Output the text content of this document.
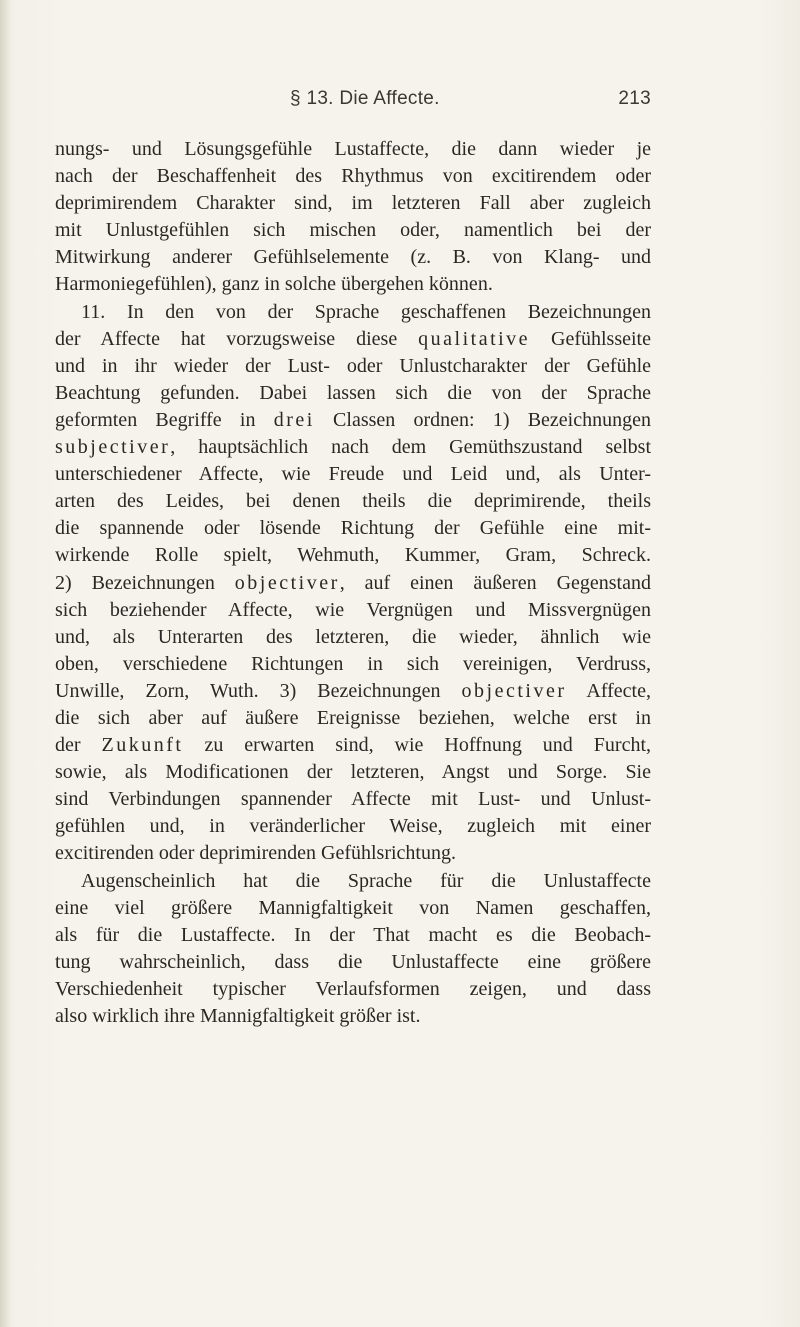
§ 13. Die Affecte.	213
nungs- und Lösungsgefühle Lustaffecte, die dann wieder je
nach der Beschaffenheit des Rhythmus von excitirendem oder
deprimirendem Charakter sind, im letzteren Fall aber zugleich
mit Unlustgefühlen sich mischen oder, namentlich bei der
Mitwirkung anderer Gefühlselemente (z. B. von Klang- und
Harmoniegefühlen), ganz in solche übergehen können.
11. In den von der Sprache geschaffenen Bezeichnungen
der Affecte hat vorzugsweise diese qualitative Gefühlsseite
und in ihr wieder der Lust- oder Unlustcharakter der Gefühle
Beachtung gefunden. Dabei lassen sich die von der Sprache
geformten Begriffe in drei Classen ordnen: 1) Bezeichnungen
subjectiver, hauptsächlich nach dem Gemüthszustand selbst
unterschiedener Affecte, wie Freude und Leid und, als Unter-
arten des Leides, bei denen theils die deprimirende, theils
die spannende oder lösende Richtung der Gefühle eine mit-
wirkende Rolle spielt, Wehmuth, Kummer, Gram, Schreck.
2) Bezeichnungen objectiver, auf einen äußeren Gegenstand
sich beziehender Affecte, wie Vergnügen und Missvergnügen
und, als Unterarten des letzteren, die wieder, ähnlich wie
oben, verschiedene Richtungen in sich vereinigen, Verdruss,
Unwille, Zorn, Wuth. 3) Bezeichnungen objectiver Affecte,
die sich aber auf äußere Ereignisse beziehen, welche erst in
der Zukunft zu erwarten sind, wie Hoffnung und Furcht,
sowie, als Modificationen der letzteren, Angst und Sorge. Sie
sind Verbindungen spannender Affecte mit Lust- und Unlust-
gefühlen und, in veränderlicher Weise, zugleich mit einer
excitirenden oder deprimirenden Gefühlsrichtung.
Augenscheinlich hat die Sprache für die Unlustaffecte
eine viel größere Mannigfaltigkeit von Namen geschaffen,
als für die Lustaffecte. In der That macht es die Beobach-
tung wahrscheinlich, dass die Unlustaffecte eine größere
Verschiedenheit typischer Verlaufsformen zeigen, und dass
also wirklich ihre Mannigfaltigkeit größer ist.
